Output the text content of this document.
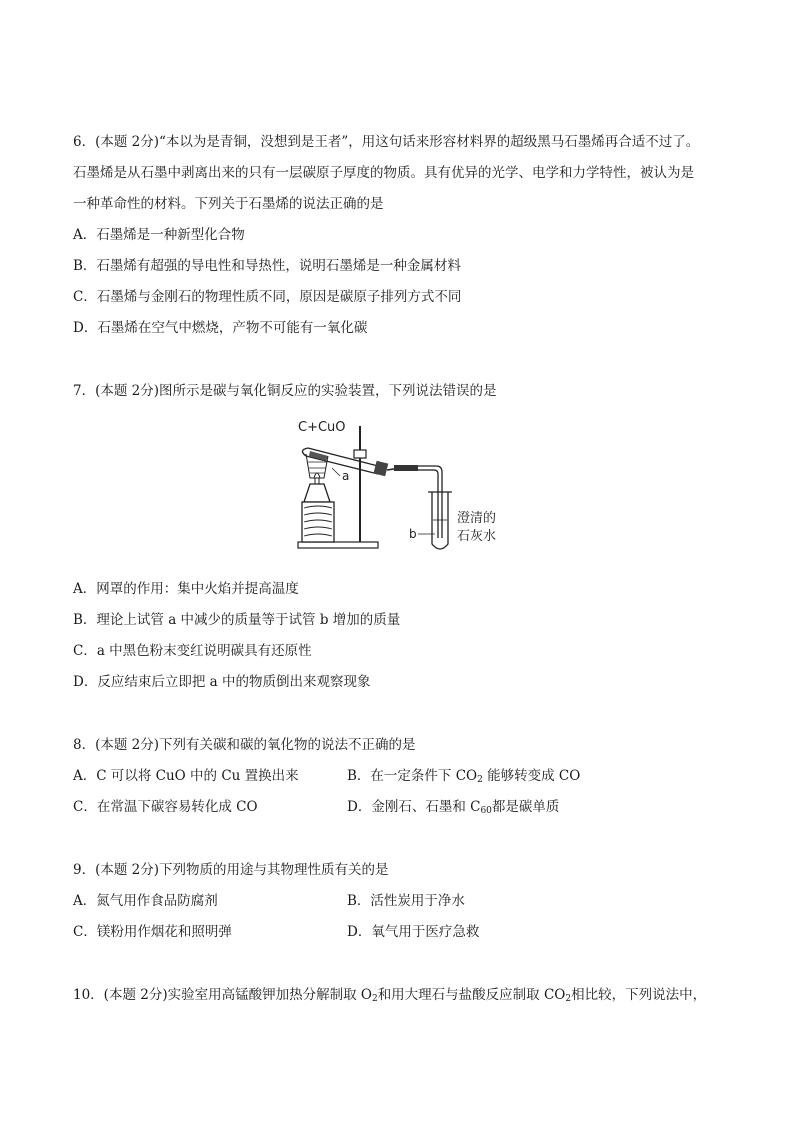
6．(本题 2分)“本以为是青铜，没想到是王者”，用这句话来形容材料界的超级黑马石墨烯再合适不过了。
石墨烯是从石墨中剥离出来的只有一层碳原子厚度的物质。具有优异的光学、电学和力学特性，被认为是
一种革命性的材料。下列关于石墨烯的说法正确的是
A．石墨烯是一种新型化合物
B．石墨烯有超强的导电性和导热性，说明石墨烯是一种金属材料
C．石墨烯与金刚石的物理性质不同，原因是碳原子排列方式不同
D．石墨烯在空气中燃烧，产物不可能有一氧化碳
7．(本题 2分)图所示是碳与氧化铜反应的实验装置，下列说法错误的是
C+CuO
a
b
澄清的
石灰水
A．网罩的作用：集中火焰并提高温度
B．理论上试管 a 中减少的质量等于试管 b 增加的质量
C．a 中黑色粉末变红说明碳具有还原性
D．反应结束后立即把 a 中的物质倒出来观察现象
8．(本题 2分)下列有关碳和碳的氧化物的说法不正确的是
A．C 可以将 CuO 中的 Cu 置换出来	B．在一定条件下 $CO_2$ 能够转变成 CO
C．在常温下碳容易转化成 CO	D．金刚石、石墨和 $C_{60}$都是碳单质
9．(本题 2分)下列物质的用途与其物理性质有关的是
A．氮气用作食品防腐剂	B．活性炭用于净水
C．镁粉用作烟花和照明弹	D．氧气用于医疗急救
10．(本题 2分)实验室用高锰酸钾加热分解制取 $O_2$和用大理石与盐酸反应制取 $CO_2$相比较，下列说法中，
